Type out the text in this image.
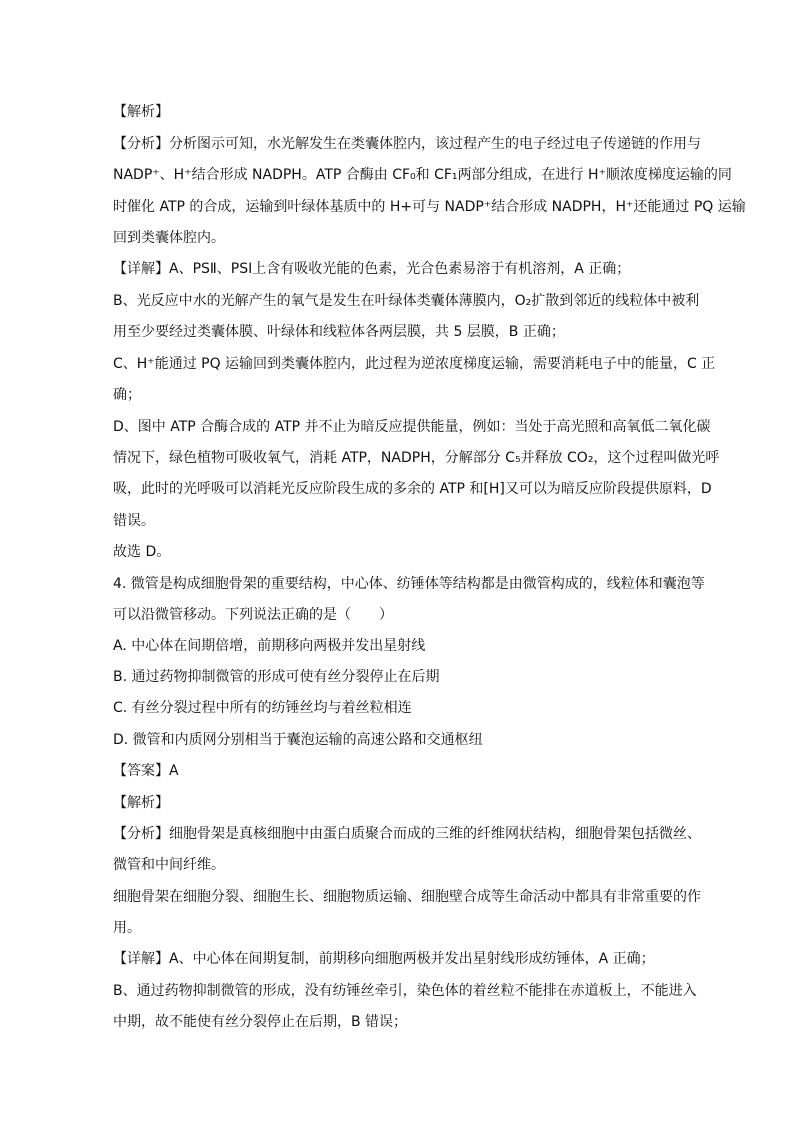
【解析】
【分析】分析图示可知，水光解发生在类囊体腔内，该过程产生的电子经过电子传递链的作用与
NADP⁺、H⁺结合形成 NADPH。ATP 合酶由 CF₀和 CF₁两部分组成，在进行 H⁺顺浓度梯度运输的同
时催化 ATP 的合成，运输到叶绿体基质中的 H+可与 NADP⁺结合形成 NADPH，H⁺还能通过 PQ 运输
回到类囊体腔内。
【详解】A、PSⅡ、PSⅠ上含有吸收光能的色素，光合色素易溶于有机溶剂，A 正确；
B、光反应中水的光解产生的氧气是发生在叶绿体类囊体薄膜内，O₂扩散到邻近的线粒体中被利
用至少要经过类囊体膜、叶绿体和线粒体各两层膜，共 5 层膜，B 正确；
C、H⁺能通过 PQ 运输回到类囊体腔内，此过程为逆浓度梯度运输，需要消耗电子中的能量，C 正
确；
D、图中 ATP 合酶合成的 ATP 并不止为暗反应提供能量，例如：当处于高光照和高氧低二氧化碳
情况下，绿色植物可吸收氧气，消耗 ATP，NADPH，分解部分 C₅并释放 CO₂，这个过程叫做光呼
吸，此时的光呼吸可以消耗光反应阶段生成的多余的 ATP 和[H]又可以为暗反应阶段提供原料，D
错误。
故选 D。
4. 微管是构成细胞骨架的重要结构，中心体、纺锤体等结构都是由微管构成的，线粒体和囊泡等
可以沿微管移动。下列说法正确的是（　　）
A. 中心体在间期倍增，前期移向两极并发出星射线
B. 通过药物抑制微管的形成可使有丝分裂停止在后期
C. 有丝分裂过程中所有的纺锤丝均与着丝粒相连
D. 微管和内质网分别相当于囊泡运输的高速公路和交通枢纽
【答案】A
【解析】
【分析】细胞骨架是真核细胞中由蛋白质聚合而成的三维的纤维网状结构，细胞骨架包括微丝、
微管和中间纤维。
细胞骨架在细胞分裂、细胞生长、细胞物质运输、细胞壁合成等生命活动中都具有非常重要的作
用。
【详解】A、中心体在间期复制，前期移向细胞两极并发出星射线形成纺锤体，A 正确；
B、通过药物抑制微管的形成，没有纺锤丝牵引，染色体的着丝粒不能排在赤道板上，不能进入
中期，故不能使有丝分裂停止在后期，B 错误；
